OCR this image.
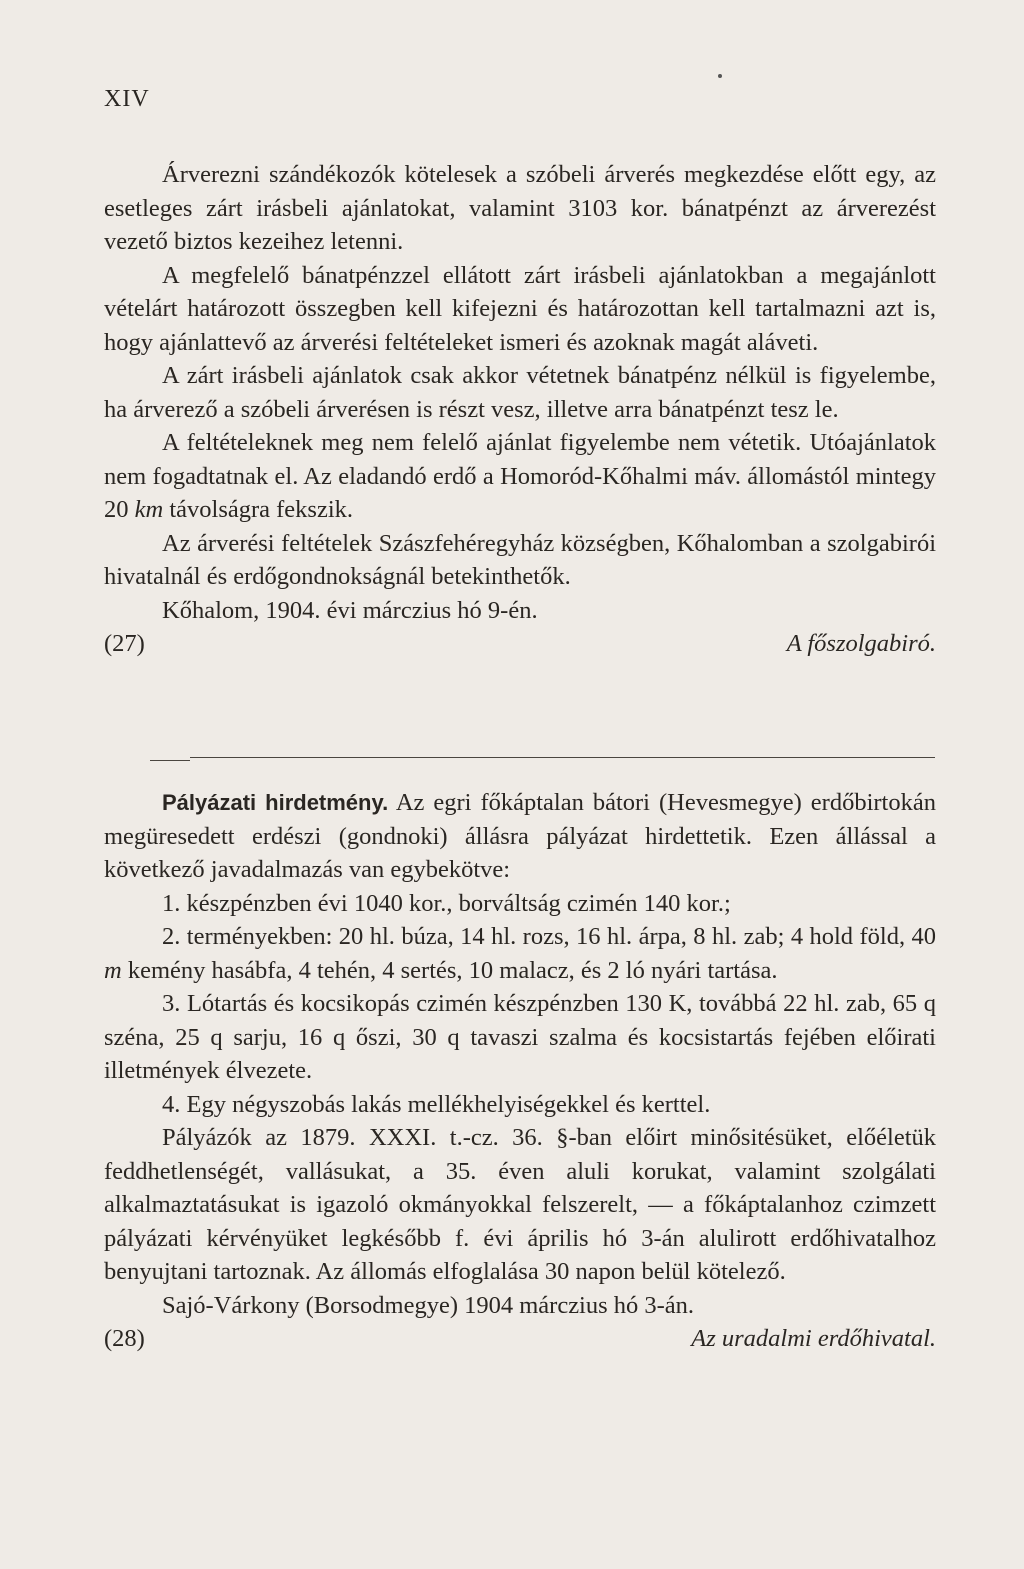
XIV

Árverezni szándékozók kötelesek a szóbeli árverés megkezdése előtt egy, az esetleges zárt irásbeli ajánlatokat, valamint 3103 kor. bánatpénzt az árverezést vezető biztos kezeihez letenni.

A megfelelő bánatpénzzel ellátott zárt irásbeli ajánlatokban a megajánlott vételárt határozott összegben kell kifejezni és határozottan kell tartalmazni azt is, hogy ajánlattevő az árverési feltételeket ismeri és azoknak magát aláveti.

A zárt irásbeli ajánlatok csak akkor vétetnek bánatpénz nélkül is figyelembe, ha árverező a szóbeli árverésen is részt vesz, illetve arra bánatpénzt tesz le.

A feltételeknek meg nem felelő ajánlat figyelembe nem vétetik. Utóajánlatok nem fogadtatnak el. Az eladandó erdő a Homoród-Kőhalmi máv. állomástól mintegy 20 km távolságra fekszik.

Az árverési feltételek Szászfehéregyház községben, Kőhalomban a szolgabirói hivatalnál és erdőgondnokságnál betekinthetők.

Kőhalom, 1904. évi márczius hó 9-én.

(27)	A főszolgabiró.

Pályázati hirdetmény. Az egri főkáptalan bátori (Hevesmegye) erdőbirtokán megüresedett erdészi (gondnoki) állásra pályázat hirdettetik. Ezen állással a következő javadalmazás van egybekötve:

1. készpénzben évi 1040 kor., borváltság czimén 140 kor.;

2. terményekben: 20 hl. búza, 14 hl. rozs, 16 hl. árpa, 8 hl. zab; 4 hold föld, 40 m kemény hasábfa, 4 tehén, 4 sertés, 10 malacz, és 2 ló nyári tartása.

3. Lótartás és kocsikopás czimén készpénzben 130 K, továbbá 22 hl. zab, 65 q széna, 25 q sarju, 16 q őszi, 30 q tavaszi szalma és kocsistartás fejében előirati illetmények élvezete.

4. Egy négyszobás lakás mellékhelyiségekkel és kerttel.

Pályázók az 1879. XXXI. t.-cz. 36. §-ban előirt minősitésüket, előéletük feddhetlenségét, vallásukat, a 35. éven aluli korukat, valamint szolgálati alkalmaztatásukat is igazoló okmányokkal felszerelt, — a főkáptalanhoz czimzett pályázati kérvényüket legkésőbb f. évi április hó 3-án alulirott erdőhivatalhoz benyujtani tartoznak. Az állomás elfoglalása 30 napon belül kötelező.

Sajó-Várkony (Borsodmegye) 1904 márczius hó 3-án.

(28)	Az uradalmi erdőhivatal.
